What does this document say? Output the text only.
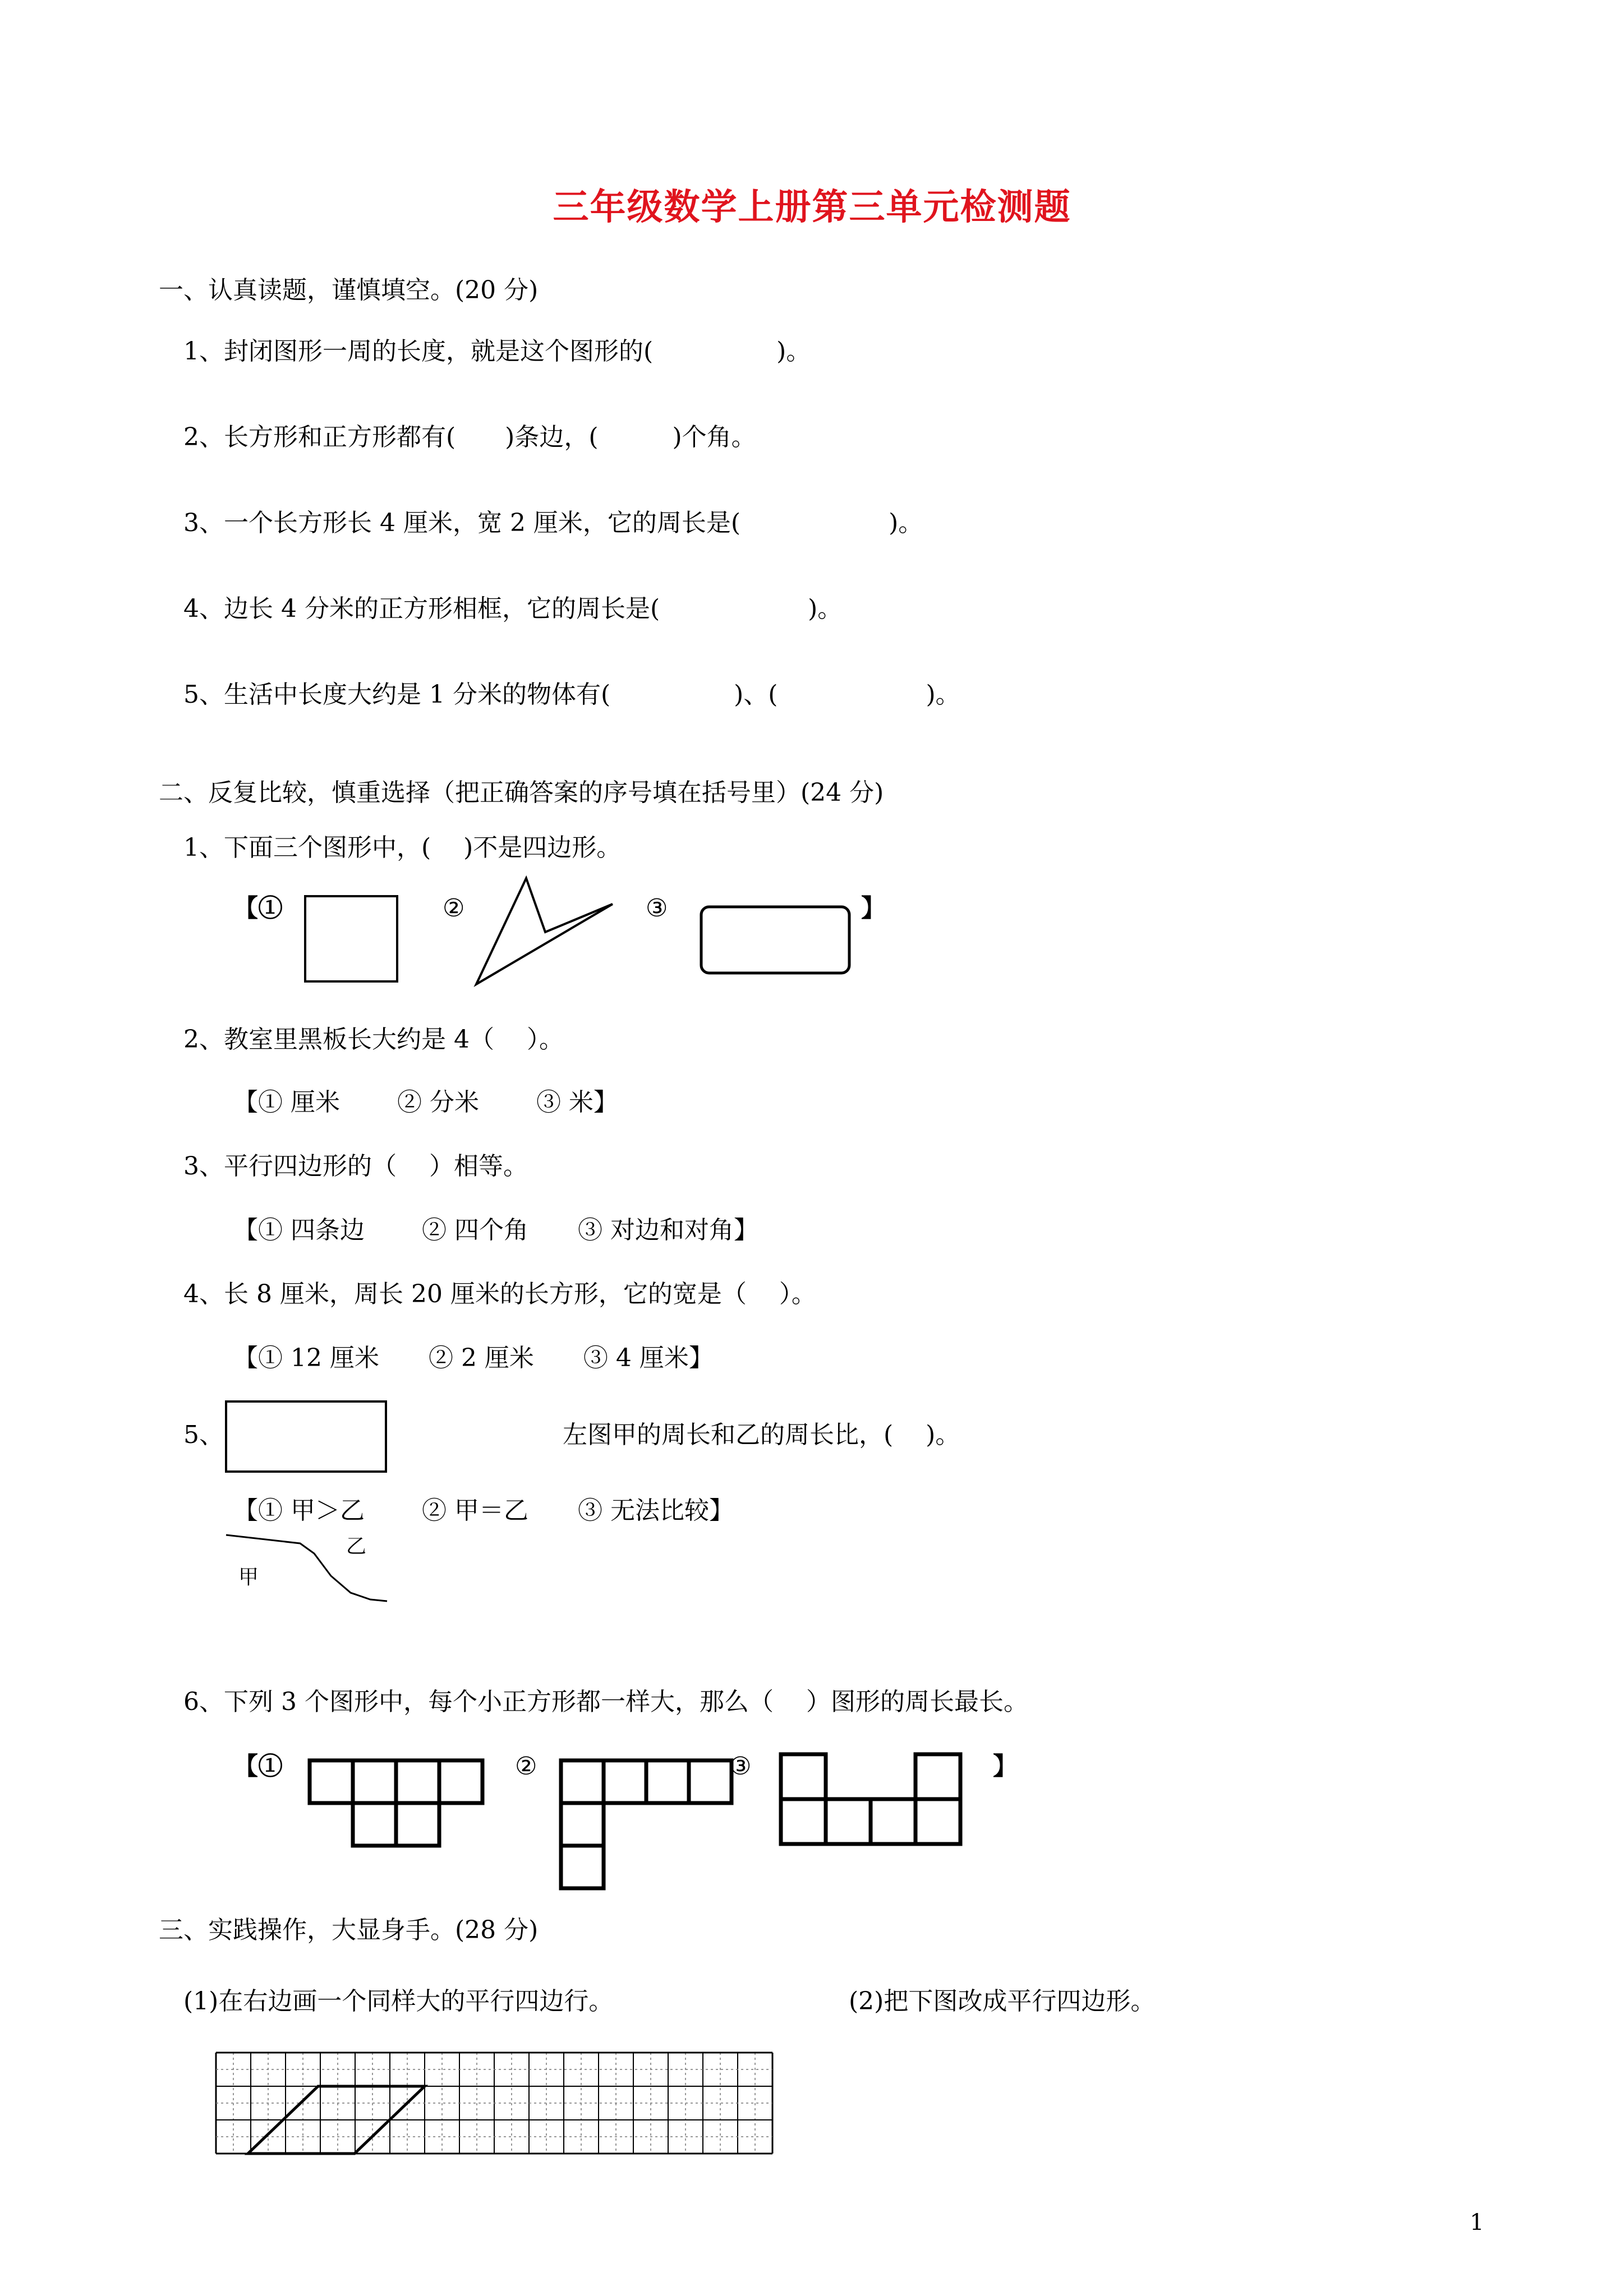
三年级数学上册第三单元检测题
一、认真读题，谨慎填空。(20 分)
1、封闭图形一周的长度，就是这个图形的(　　　　　)。
2、长方形和正方形都有(　　)条边，(　　　)个角。
3、一个长方形长 4 厘米，宽 2 厘米，它的周长是(　　　　　　)。
4、边长 4 分米的正方形相框，它的周长是(　　　　　　)。
5、生活中长度大约是 1 分米的物体有(　　　　　)、(　　　　　　)。
二、反复比较，慎重选择（把正确答案的序号填在括号里）(24 分)
1、下面三个图形中，(　 )不是四边形。
【①	②	③	】
2、教室里黑板长大约是 4（　 ）。
【① 厘米　　 ② 分米　　 ③ 米】
3、平行四边形的（　 ）相等。
【① 四条边　　 ② 四个角　　③ 对边和对角】
4、长 8 厘米，周长 20 厘米的长方形，它的宽是（　 ）。
【① 12 厘米　　② 2 厘米　　③ 4 厘米】
5、	左图甲的周长和乙的周长比，(　 )。
【① 甲＞乙　　 ② 甲＝乙　　③ 无法比较】
乙
甲
6、下列 3 个图形中，每个小正方形都一样大，那么（　 ）图形的周长最长。
【①	②	③	】
三、实践操作，大显身手。(28 分)
(1)在右边画一个同样大的平行四边行。	(2)把下图改成平行四边形。
1
